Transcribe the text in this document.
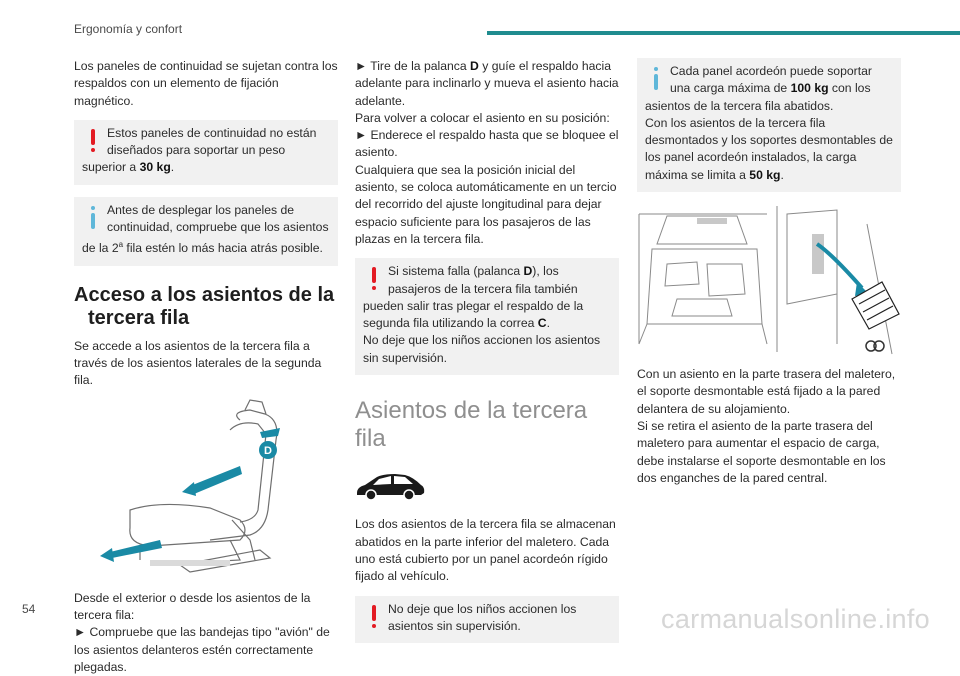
Ergonomía y confort

Los paneles de continuidad se sujetan contra los respaldos con un elemento de fijación magnético.

Estos paneles de continuidad no están diseñados para soportar un peso superior a 30 kg.
Antes de desplegar los paneles de continuidad, compruebe que los asientos de la 2$^a$ fila estén lo más hacia atrás posible.
Acceso a los asientos de la
tercera fila

Se accede a los asientos de la tercera fila a través de los asientos laterales de la segunda fila.

D

Desde el exterior o desde los asientos de la tercera fila:

► Compruebe que las bandejas tipo "avión" de los asientos delanteros estén correctamente plegadas.

► Tire de la palanca D y guíe el respaldo hacia adelante para inclinarlo y mueva el asiento hacia adelante.

Para volver a colocar el asiento en su posición:

► Enderece el respaldo hasta que se bloquee el asiento.

Cualquiera que sea la posición inicial del asiento, se coloca automáticamente en un tercio del recorrido del ajuste longitudinal para dejar espacio suficiente para los pasajeros de las plazas en la tercera fila.

Si sistema falla (palanca D), los pasajeros de la tercera fila también pueden salir tras plegar el respaldo de la segunda fila utilizando la correa C.
No deje que los niños accionen los asientos sin supervisión.
Asientos de la tercera fila

Los dos asientos de la tercera fila se almacenan abatidos en la parte inferior del maletero. Cada uno está cubierto por un panel acordeón rígido fijado al vehículo.

No deje que los niños accionen los asientos sin supervisión.
Cada panel acordeón puede soportar una carga máxima de 100 kg con los asientos de la tercera fila abatidos.
Con los asientos de la tercera fila desmontados y los soportes desmontables de los panel acordeón instalados, la carga máxima se limita a 50 kg.

Con un asiento en la parte trasera del maletero, el soporte desmontable está fijado a la pared delantera de su alojamiento.

Si se retira el asiento de la parte trasera del maletero para aumentar el espacio de carga, debe instalarse el soporte desmontable en los dos enganches de la pared central.

54	carmanualsonline.info
